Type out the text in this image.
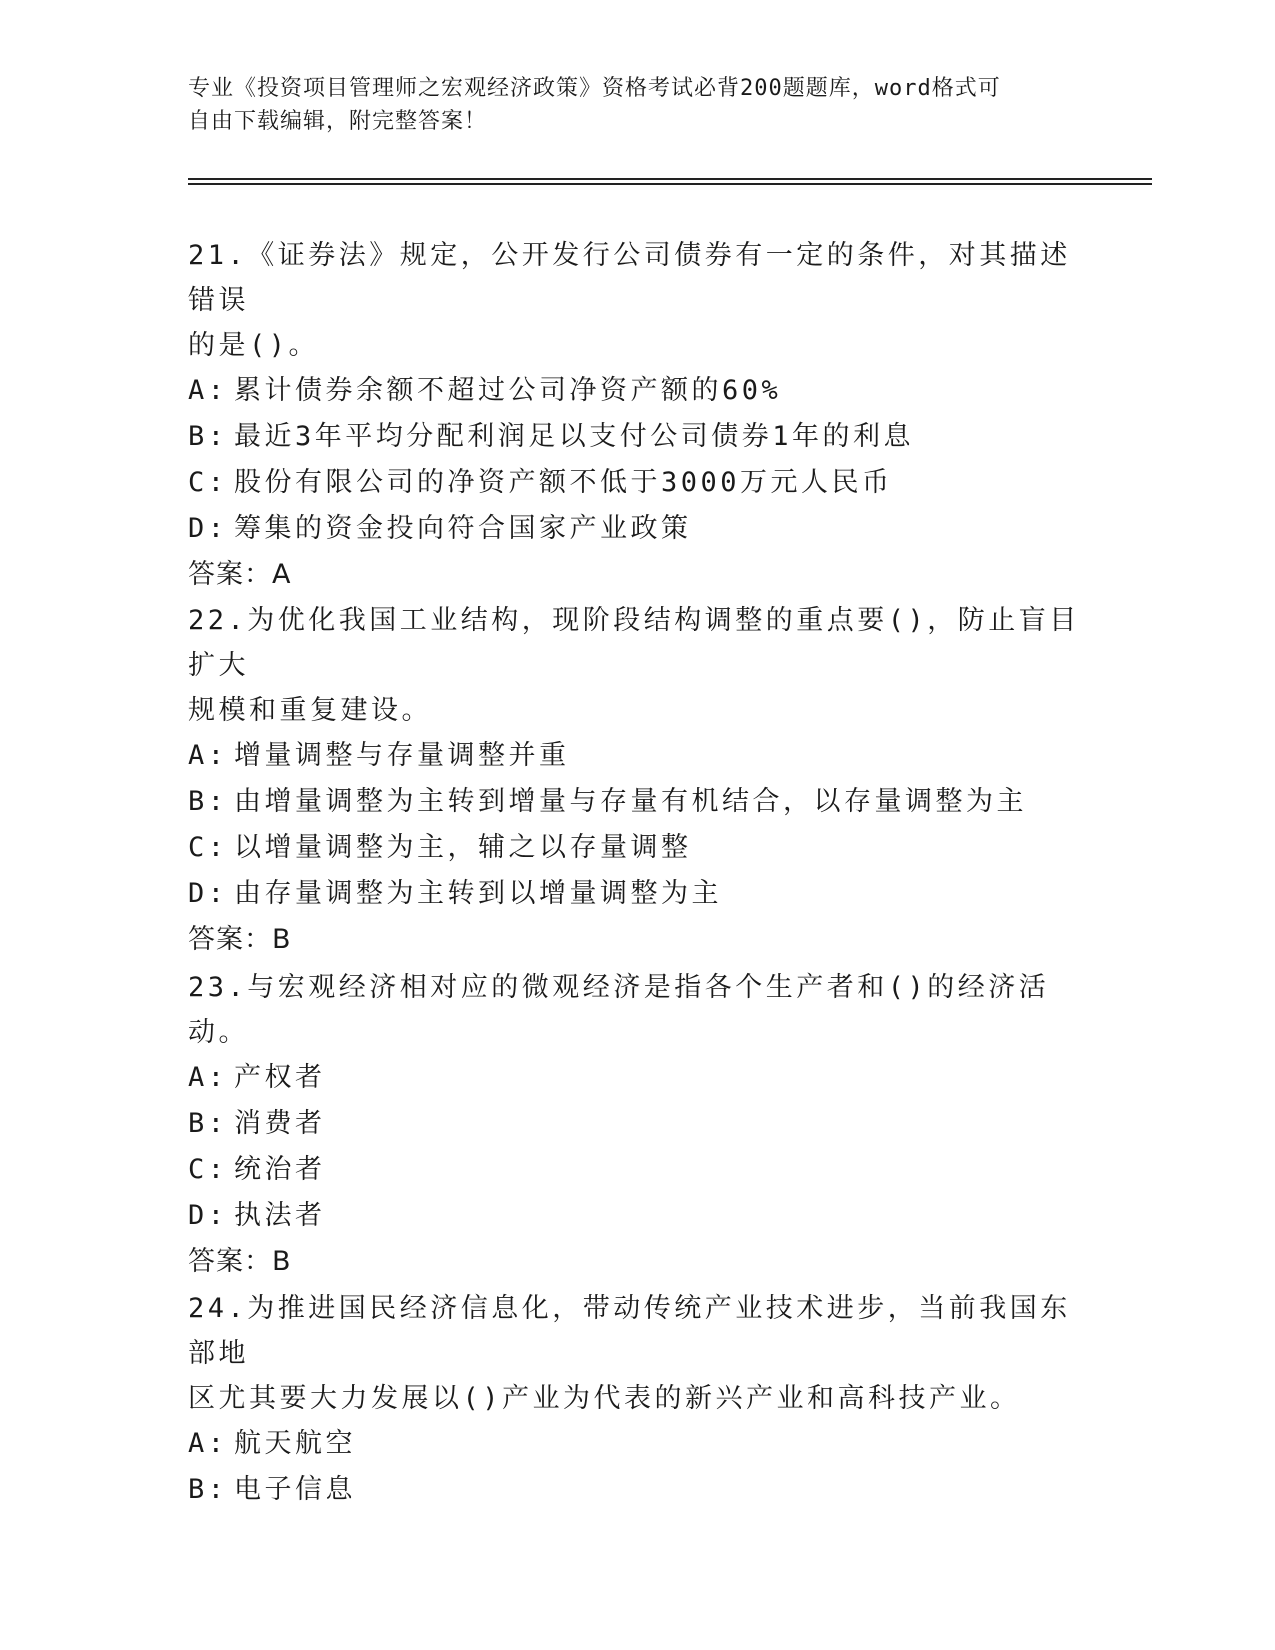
专业《投资项目管理师之宏观经济政策》资格考试必背200题题库，word格式可
自由下载编辑，附完整答案！

21.《证券法》规定，公开发行公司债券有一定的条件，对其描述错误

的是()。

A: 累计债券余额不超过公司净资产额的60%

B: 最近3年平均分配利润足以支付公司债券1年的利息

C: 股份有限公司的净资产额不低于3000万元人民币

D: 筹集的资金投向符合国家产业政策

答案：A

22.为优化我国工业结构，现阶段结构调整的重点要()，防止盲目扩大

规模和重复建设。

A: 增量调整与存量调整并重

B: 由增量调整为主转到增量与存量有机结合，以存量调整为主

C: 以增量调整为主，辅之以存量调整

D: 由存量调整为主转到以增量调整为主

答案：B

23.与宏观经济相对应的微观经济是指各个生产者和()的经济活动。

A: 产权者

B: 消费者

C: 统治者

D: 执法者

答案：B

24.为推进国民经济信息化，带动传统产业技术进步，当前我国东部地

区尤其要大力发展以()产业为代表的新兴产业和高科技产业。

A: 航天航空

B: 电子信息
